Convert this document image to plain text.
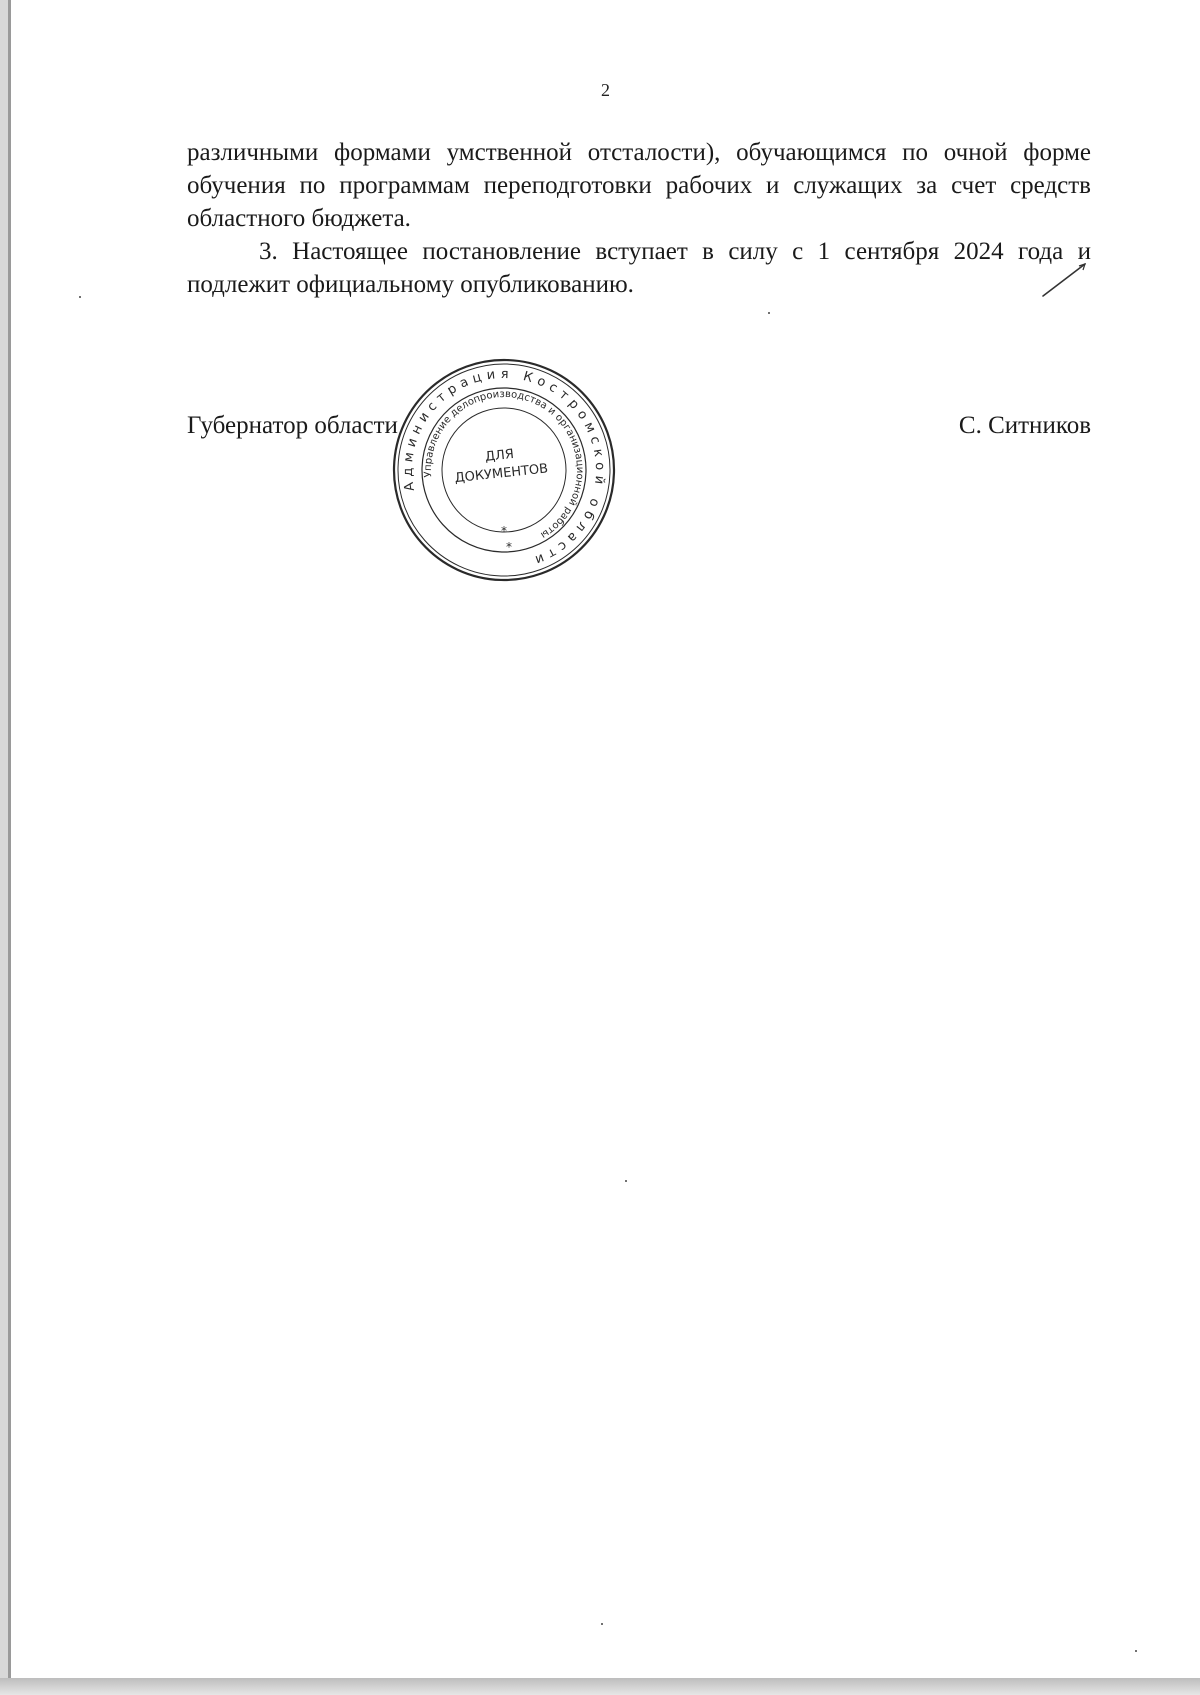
2

различными формами умственной отсталости), обучающимся по очной форме обучения по программам переподготовки рабочих и служащих за счет средств областного бюджета.

3. Настоящее постановление вступает в силу с 1 сентября 2024 года и подлежит официальному опубликованию.

Губернатор области	С. Ситников
Администрация Костромской области
Управление делопроизводства и организационной работы
ДЛЯ
ДОКУМЕНТОВ
*
*
